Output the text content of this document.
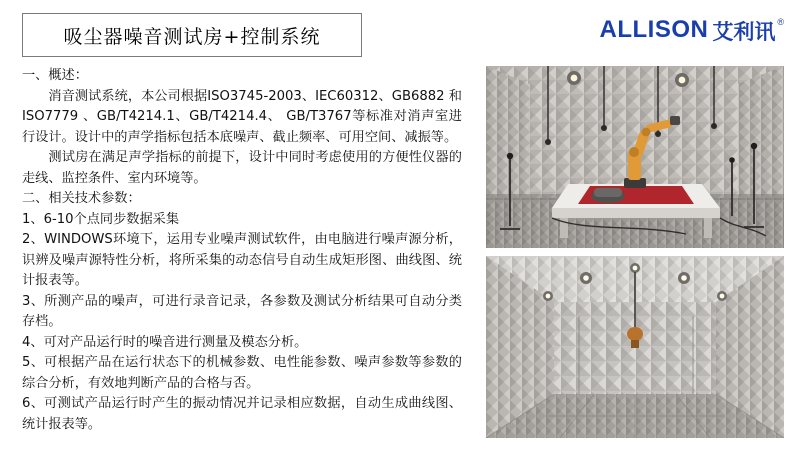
吸尘器噪音测试房+控制系统	ALLISON 艾利讯 ®

一、概述：

消音测试系统，本公司根据ISO3745-2003、IEC60312、GB6882 和ISO7779 、GB/T4214.1、GB/T4214.4、 GB/T3767等标准对消声室进行设计。设计中的声学指标包括本底噪声、截止频率、可用空间、减振等。

测试房在满足声学指标的前提下，设计中同时考虑使用的方便性仪器的走线、监控条件、室内环境等。

二、相关技术参数：

1、6-10个点同步数据采集

2、WINDOWS环境下，运用专业噪声测试软件，由电脑进行噪声源分析，识辨及噪声源特性分析，将所采集的动态信号自动生成矩形图、曲线图、统计报表等。

3、所测产品的噪声，可进行录音记录，各参数及测试分析结果可自动分类存档。

4、可对产品运行时的噪音进行测量及模态分析。

5、可根据产品在运行状态下的机械参数、电性能参数、噪声参数等参数的综合分析，有效地判断产品的合格与否。

6、可测试产品运行时产生的振动情况并记录相应数据，自动生成曲线图、统计报表等。
